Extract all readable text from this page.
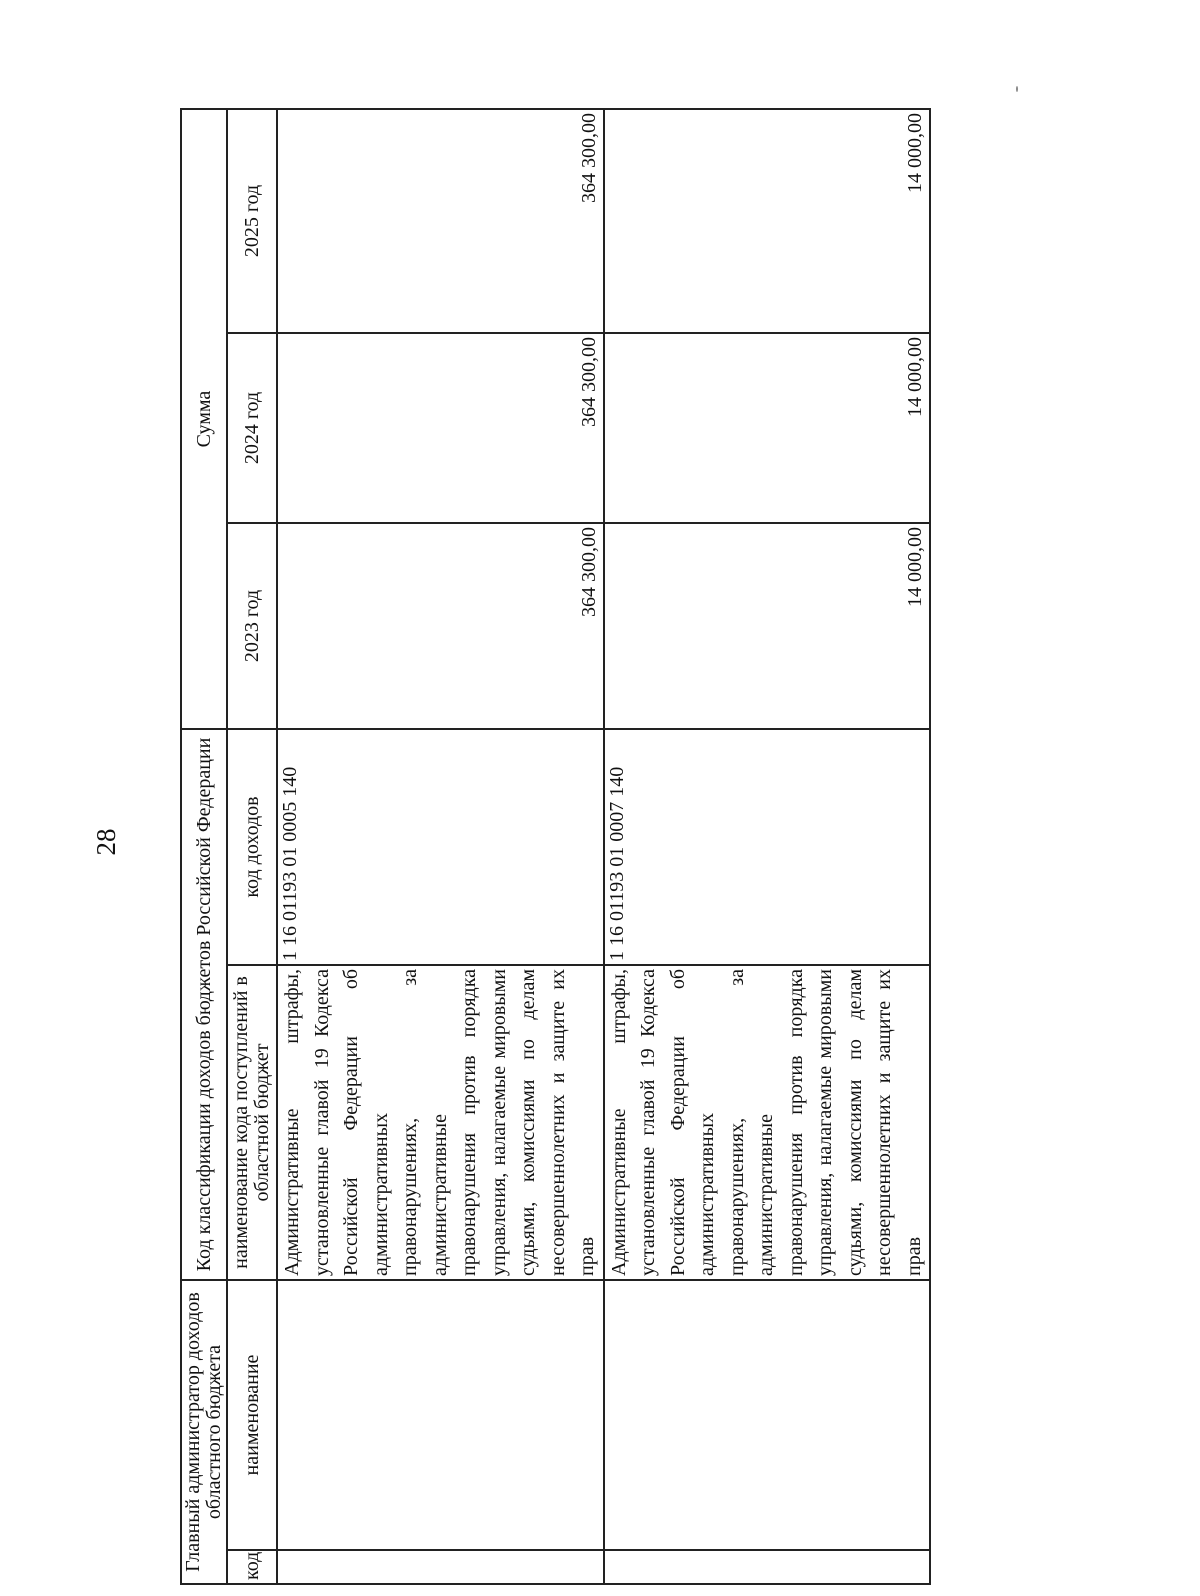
28
Главный администратор доходов областного бюджета		Код классификации доходов бюджетов Российской Федерации		Сумма		
код	наименование	наименование кода поступлений в областной бюджет	код доходов	2023 год	2024 год	2025 год
		Административные штрафы, установленные главой 19 Кодекса Российской Федерации об административных правонарушениях, за административные правонарушения против порядка управления, налагаемые мировыми судьями, комиссиями по делам несовершеннолетних и защите их прав	1 16 01193 01 0005 140	364 300,00	364 300,00	364 300,00
		Административные штрафы, установленные главой 19 Кодекса Российской Федерации об административных правонарушениях, за административные правонарушения против порядка управления, налагаемые мировыми судьями, комиссиями по делам несовершеннолетних и защите их прав	1 16 01193 01 0007 140	14 000,00	14 000,00	14 000,00
